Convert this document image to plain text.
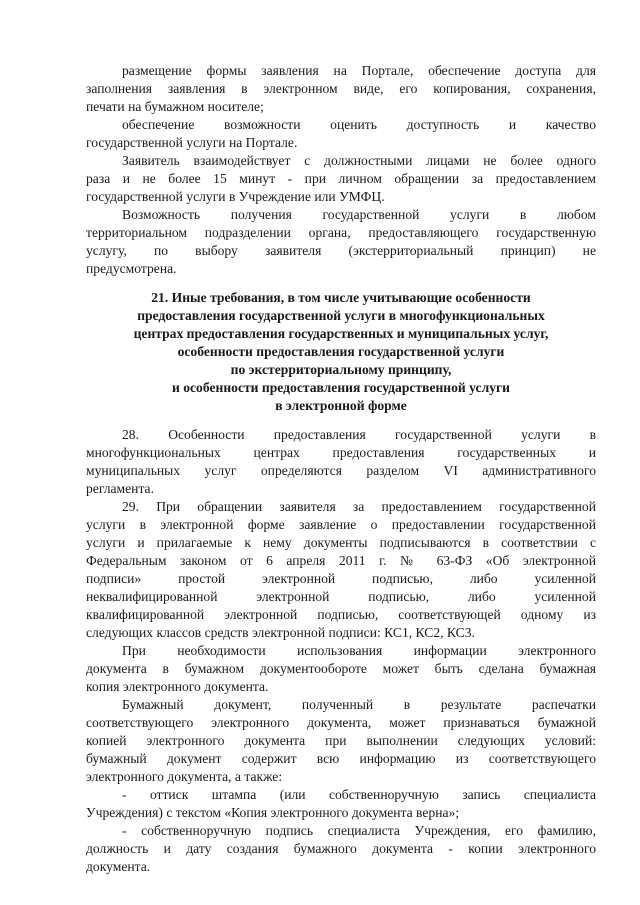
размещение формы заявления на Портале, обеспечение доступа для
заполнения заявления в электронном виде, его копирования, сохранения,
печати на бумажном носителе;
обеспечение возможности оценить доступность и качество
государственной услуги на Портале.
Заявитель взаимодействует с должностными лицами не более одного
раза и не более 15 минут - при личном обращении за предоставлением
государственной услуги в Учреждение или УМФЦ.
Возможность получения государственной услуги в любом
территориальном подразделении органа, предоставляющего государственную
услугу, по выбору заявителя (экстерриториальный принцип) не
предусмотрена.
21. Иные требования, в том числе учитывающие особенности
предоставления государственной услуги в многофункциональных
центрах предоставления государственных и муниципальных услуг,
особенности предоставления государственной услуги
по экстерриториальному принципу,
и особенности предоставления государственной услуги
в электронной форме
28. Особенности предоставления государственной услуги в
многофункциональных центрах предоставления государственных и
муниципальных услуг определяются разделом VI административного
регламента.
29. При обращении заявителя за предоставлением государственной
услуги в электронной форме заявление о предоставлении государственной
услуги и прилагаемые к нему документы подписываются в соответствии с
Федеральным законом от 6 апреля 2011 г. № 63-ФЗ «Об электронной
подписи» простой электронной подписью, либо усиленной
неквалифицированной электронной подписью, либо усиленной
квалифицированной электронной подписью, соответствующей одному из
следующих классов средств электронной подписи: КС1, КС2, КС3.
При необходимости использования информации электронного
документа в бумажном документообороте может быть сделана бумажная
копия электронного документа.
Бумажный документ, полученный в результате распечатки
соответствующего электронного документа, может признаваться бумажной
копией электронного документа при выполнении следующих условий:
бумажный документ содержит всю информацию из соответствующего
электронного документа, а также:
- оттиск штампа (или собственноручную запись специалиста
Учреждения) с текстом «Копия электронного документа верна»;
- собственноручную подпись специалиста Учреждения, его фамилию,
должность и дату создания бумажного документа - копии электронного
документа.
